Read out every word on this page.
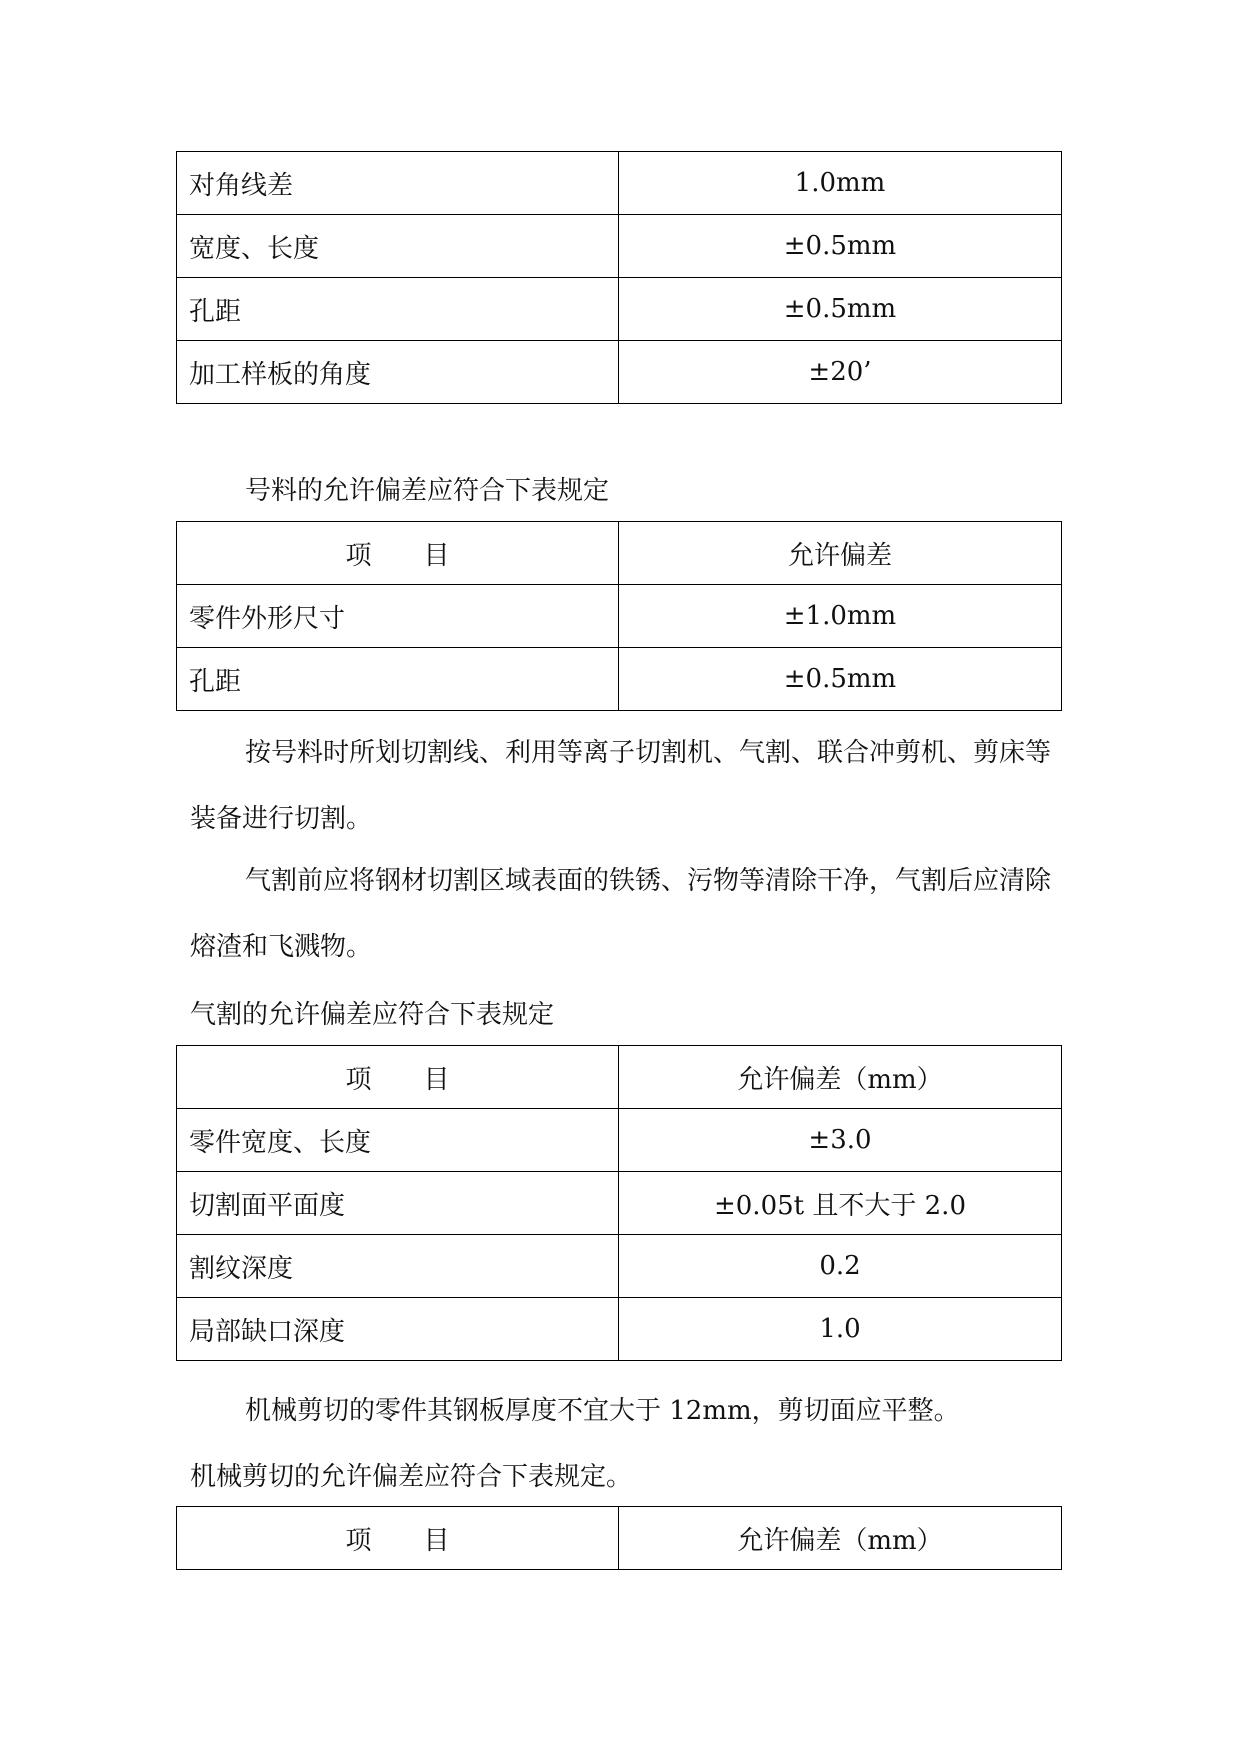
对角线差	1.0mm
宽度、长度	±0.5mm
孔距	±0.5mm
加工样板的角度	±20’

号料的允许偏差应符合下表规定

项　　目	允许偏差
零件外形尺寸	±1.0mm
孔距	±0.5mm

按号料时所划切割线、利用等离子切割机、气割、联合冲剪机、剪床等装备进行切割。

气割前应将钢材切割区域表面的铁锈、污物等清除干净，气割后应清除熔渣和飞溅物。

气割的允许偏差应符合下表规定

项　　目	允许偏差（mm）
零件宽度、长度	±3.0
切割面平面度	±0.05t 且不大于 2.0
割纹深度	0.2
局部缺口深度	1.0

机械剪切的零件其钢板厚度不宜大于 12mm，剪切面应平整。

机械剪切的允许偏差应符合下表规定。

项　　目	允许偏差（mm）
